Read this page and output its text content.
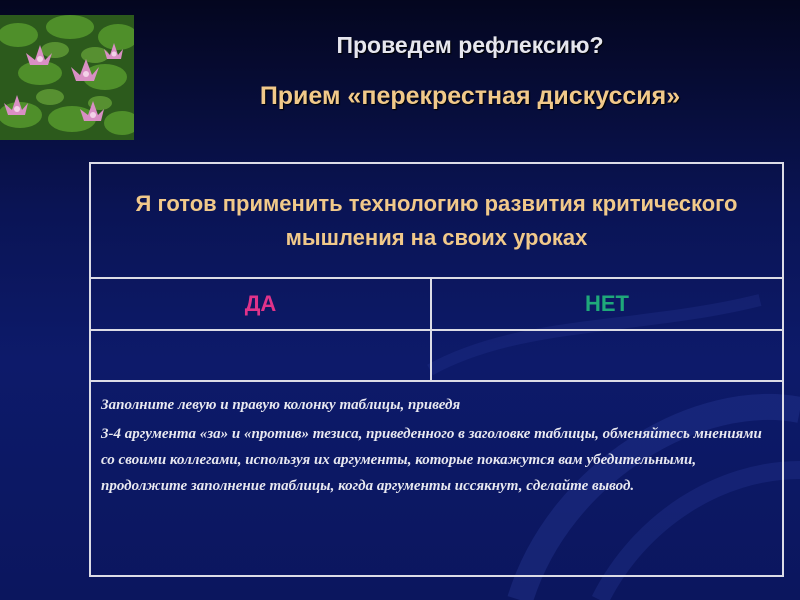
Проведем рефлексию?
Прием «перекрестная дискуссия»
Я готов применить технологию развития критического мышления на своих уроках
ДА	НЕТ

Заполните левую и правую колонку таблицы, приведя

3-4 аргумента «за» и «против» тезиса, приведенного в заголовке таблицы, обменяйтесь мнениями со своими коллегами, используя их аргументы, которые покажутся вам убедительными, продолжите заполнение таблицы, когда аргументы иссякнут, сделайте вывод.
